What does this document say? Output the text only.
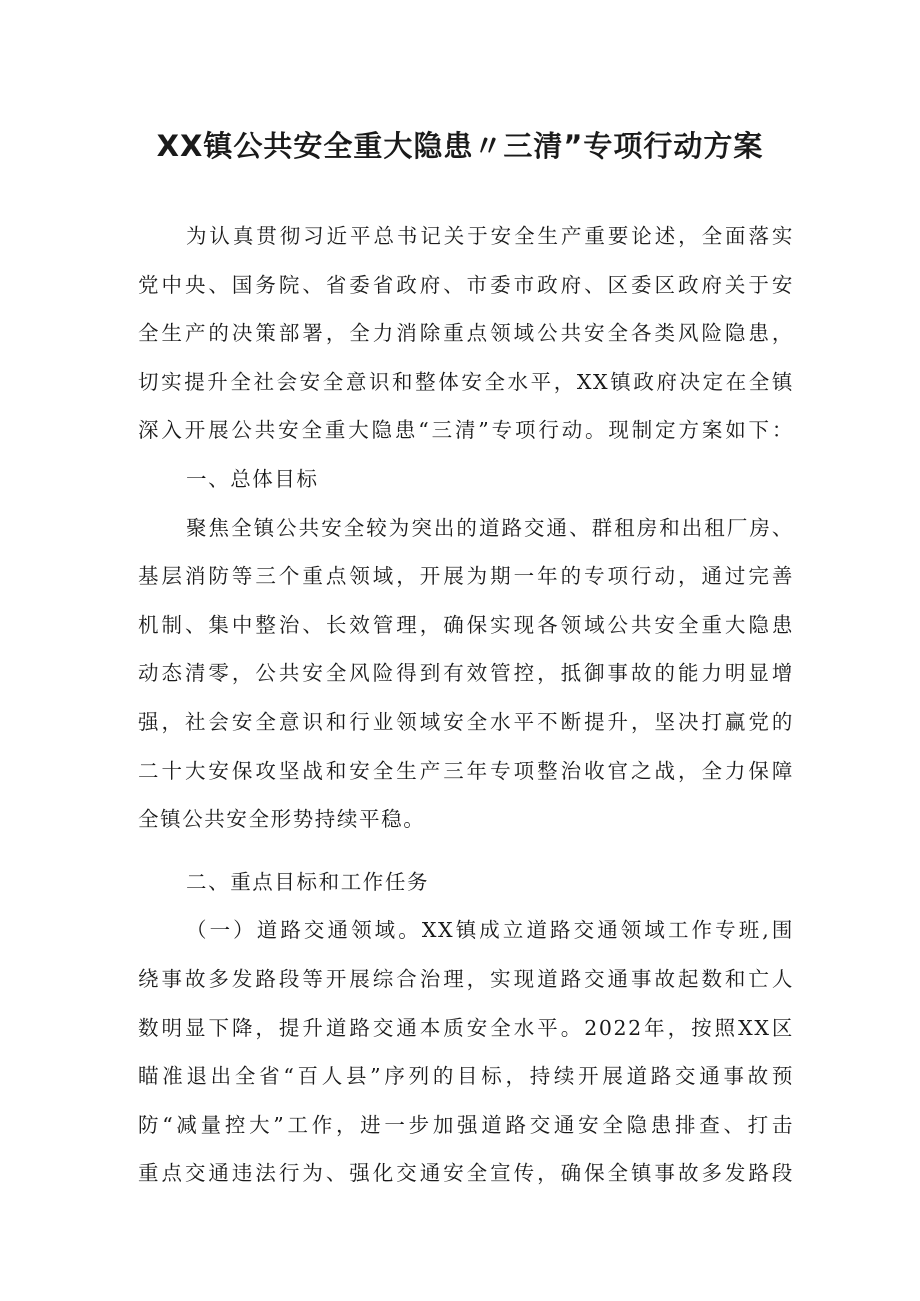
XX镇公共安全重大隐患〃三清”专项行动方案
为认真贯彻习近平总书记关于安全生产重要论述，全面落实
党中央、国务院、省委省政府、市委市政府、区委区政府关于安
全生产的决策部署，全力消除重点领域公共安全各类风险隐患，
切实提升全社会安全意识和整体安全水平，XX镇政府决定在全镇
深入开展公共安全重大隐患“三清”专项行动。现制定方案如下：
一、总体目标
聚焦全镇公共安全较为突出的道路交通、群租房和出租厂房、
基层消防等三个重点领域，开展为期一年的专项行动，通过完善
机制、集中整治、长效管理，确保实现各领域公共安全重大隐患
动态清零，公共安全风险得到有效管控，抵御事故的能力明显增
强，社会安全意识和行业领域安全水平不断提升，坚决打赢党的
二十大安保攻坚战和安全生产三年专项整治收官之战，全力保障
全镇公共安全形势持续平稳。
二、重点目标和工作任务
（一）道路交通领域。XX镇成立道路交通领域工作专班,围
绕事故多发路段等开展综合治理，实现道路交通事故起数和亡人
数明显下降，提升道路交通本质安全水平。2022年，按照XX区
瞄准退出全省“百人县”序列的目标，持续开展道路交通事故预
防“减量控大”工作，进一步加强道路交通安全隐患排查、打击
重点交通违法行为、强化交通安全宣传，确保全镇事故多发路段
